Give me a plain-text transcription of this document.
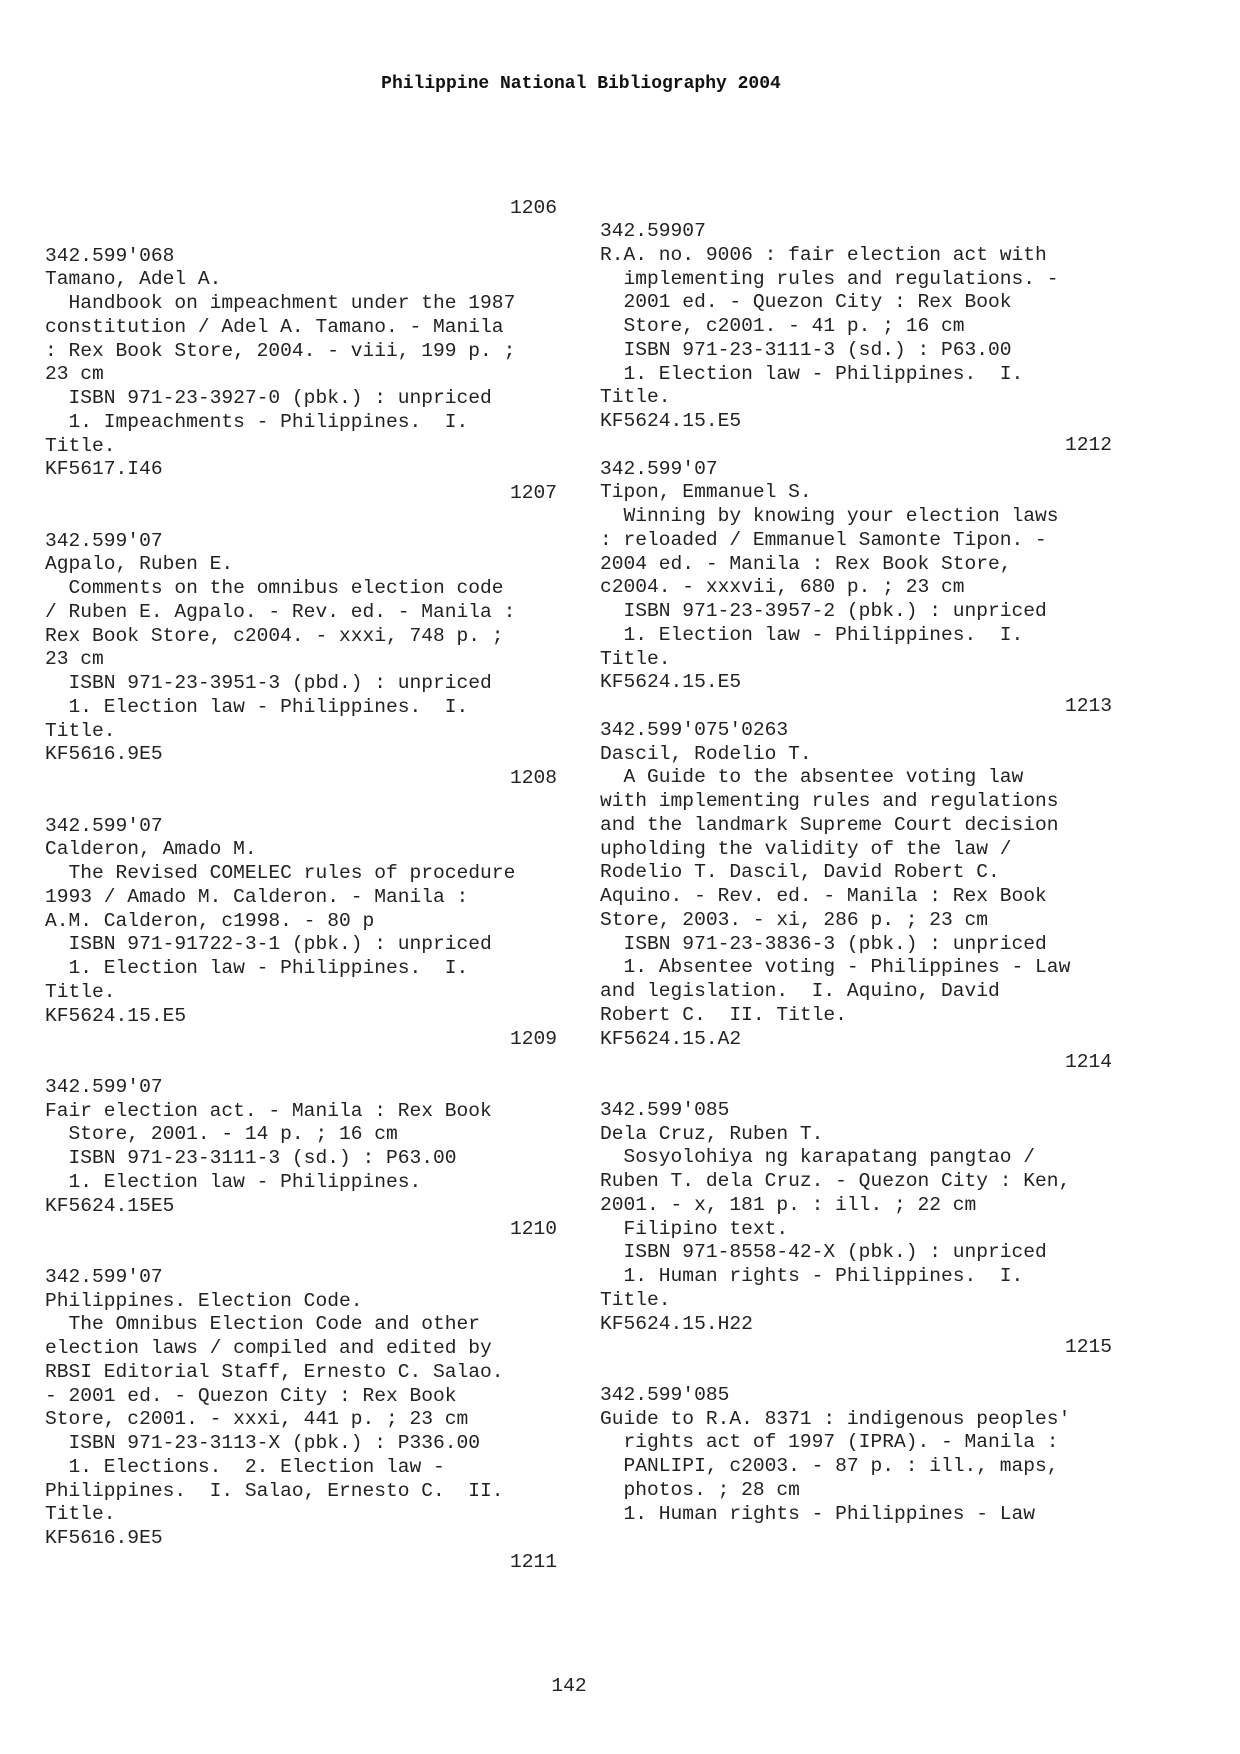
Philippine National Bibliography 2004
1206
342.599'068
Tamano, Adel A.
Handbook on impeachment under the 1987
constitution / Adel A. Tamano. - Manila
: Rex Book Store, 2004. - viii, 199 p. ;
23 cm
ISBN 971-23-3927-0 (pbk.) : unpriced
1. Impeachments - Philippines.  I.
Title.
KF5617.I46
1207
342.599'07
Agpalo, Ruben E.
Comments on the omnibus election code
/ Ruben E. Agpalo. - Rev. ed. - Manila :
Rex Book Store, c2004. - xxxi, 748 p. ;
23 cm
ISBN 971-23-3951-3 (pbd.) : unpriced
1. Election law - Philippines.  I.
Title.
KF5616.9E5
1208
342.599'07
Calderon, Amado M.
The Revised COMELEC rules of procedure
1993 / Amado M. Calderon. - Manila :
A.M. Calderon, c1998. - 80 p
ISBN 971-91722-3-1 (pbk.) : unpriced
1. Election law - Philippines.  I.
Title.
KF5624.15.E5
1209
342.599'07
Fair election act. - Manila : Rex Book
Store, 2001. - 14 p. ; 16 cm
ISBN 971-23-3111-3 (sd.) : P63.00
1. Election law - Philippines.
KF5624.15E5
1210
342.599'07
Philippines. Election Code.
The Omnibus Election Code and other
election laws / compiled and edited by
RBSI Editorial Staff, Ernesto C. Salao.
- 2001 ed. - Quezon City : Rex Book
Store, c2001. - xxxi, 441 p. ; 23 cm
ISBN 971-23-3113-X (pbk.) : P336.00
1. Elections.  2. Election law -
Philippines.  I. Salao, Ernesto C.  II.
Title.
KF5616.9E5
1211
342.59907
R.A. no. 9006 : fair election act with
implementing rules and regulations. -
2001 ed. - Quezon City : Rex Book
Store, c2001. - 41 p. ; 16 cm
ISBN 971-23-3111-3 (sd.) : P63.00
1. Election law - Philippines.  I.
Title.
KF5624.15.E5
1212
342.599'07
Tipon, Emmanuel S.
Winning by knowing your election laws
: reloaded / Emmanuel Samonte Tipon. -
2004 ed. - Manila : Rex Book Store,
c2004. - xxxvii, 680 p. ; 23 cm
ISBN 971-23-3957-2 (pbk.) : unpriced
1. Election law - Philippines.  I.
Title.
KF5624.15.E5
1213
342.599'075'0263
Dascil, Rodelio T.
A Guide to the absentee voting law
with implementing rules and regulations
and the landmark Supreme Court decision
upholding the validity of the law /
Rodelio T. Dascil, David Robert C.
Aquino. - Rev. ed. - Manila : Rex Book
Store, 2003. - xi, 286 p. ; 23 cm
ISBN 971-23-3836-3 (pbk.) : unpriced
1. Absentee voting - Philippines - Law
and legislation.  I. Aquino, David
Robert C.  II. Title.
KF5624.15.A2
1214
342.599'085
Dela Cruz, Ruben T.
Sosyolohiya ng karapatang pangtao /
Ruben T. dela Cruz. - Quezon City : Ken,
2001. - x, 181 p. : ill. ; 22 cm
Filipino text.
ISBN 971-8558-42-X (pbk.) : unpriced
1. Human rights - Philippines.  I.
Title.
KF5624.15.H22
1215
342.599'085
Guide to R.A. 8371 : indigenous peoples'
rights act of 1997 (IPRA). - Manila :
PANLIPI, c2003. - 87 p. : ill., maps,
photos. ; 28 cm
1. Human rights - Philippines - Law
142
